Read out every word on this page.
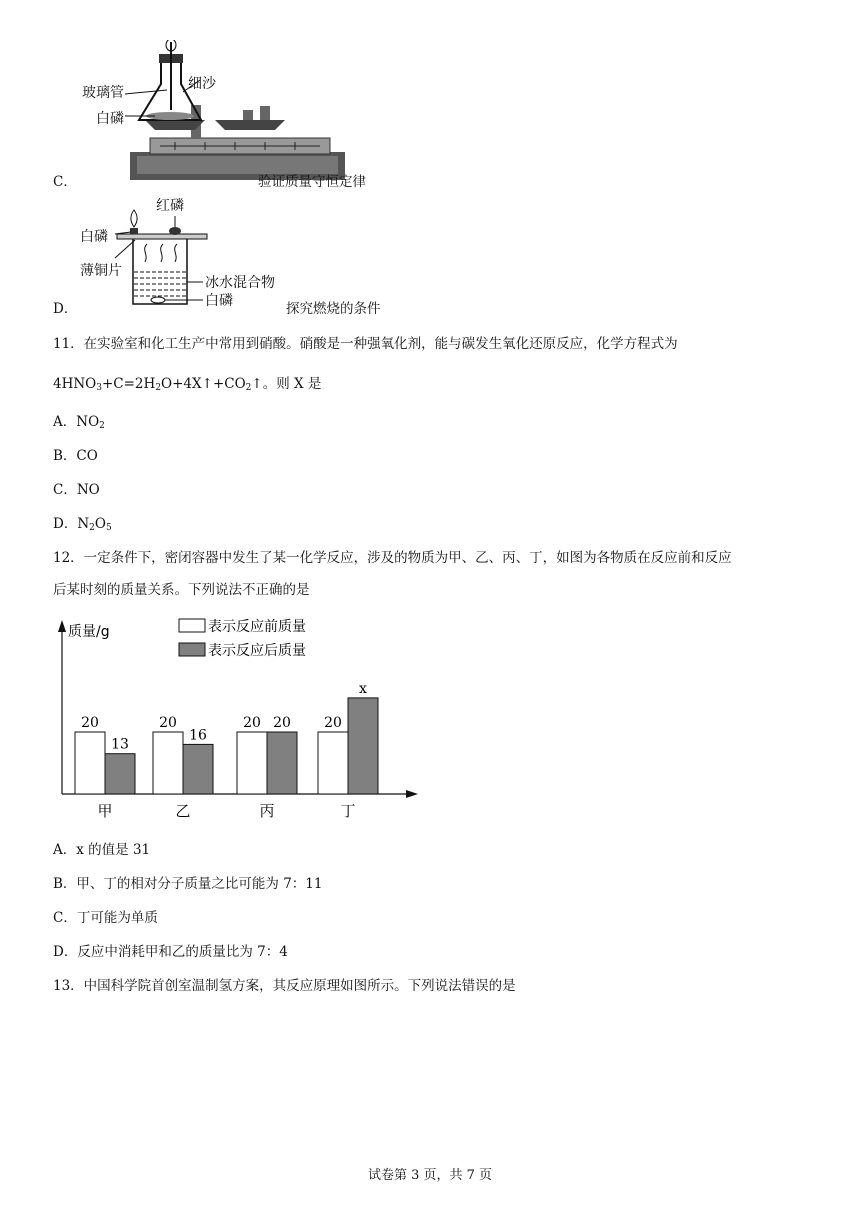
玻璃管
细沙
白磷
C．	验证质量守恒定律
红磷
白磷
薄铜片
冰水混合物
白磷
D．	探究燃烧的条件
11．在实验室和化工生产中常用到硝酸。硝酸是一种强氧化剂，能与碳发生氧化还原反应，化学方程式为
$4HNO_3+C=2H_2O+4X↑+CO_2↑$。则 X 是
A．$NO_2$
B．CO
C．NO
D．$N_2O_5$
12．一定条件下，密闭容器中发生了某一化学反应，涉及的物质为甲、乙、丙、丁，如图为各物质在反应前和反应
后某时刻的质量关系。下列说法不正确的是
质量/g	表示反应前质量
表示反应后质量
20
13
甲
20
16
乙
20 20
丙
20
x
丁
A．x 的值是 31
B．甲、丁的相对分子质量之比可能为 7：11
C．丁可能为单质
D．反应中消耗甲和乙的质量比为 7：4
13．中国科学院首创室温制氢方案，其反应原理如图所示。下列说法错误的是
试卷第 3 页，共 7 页
